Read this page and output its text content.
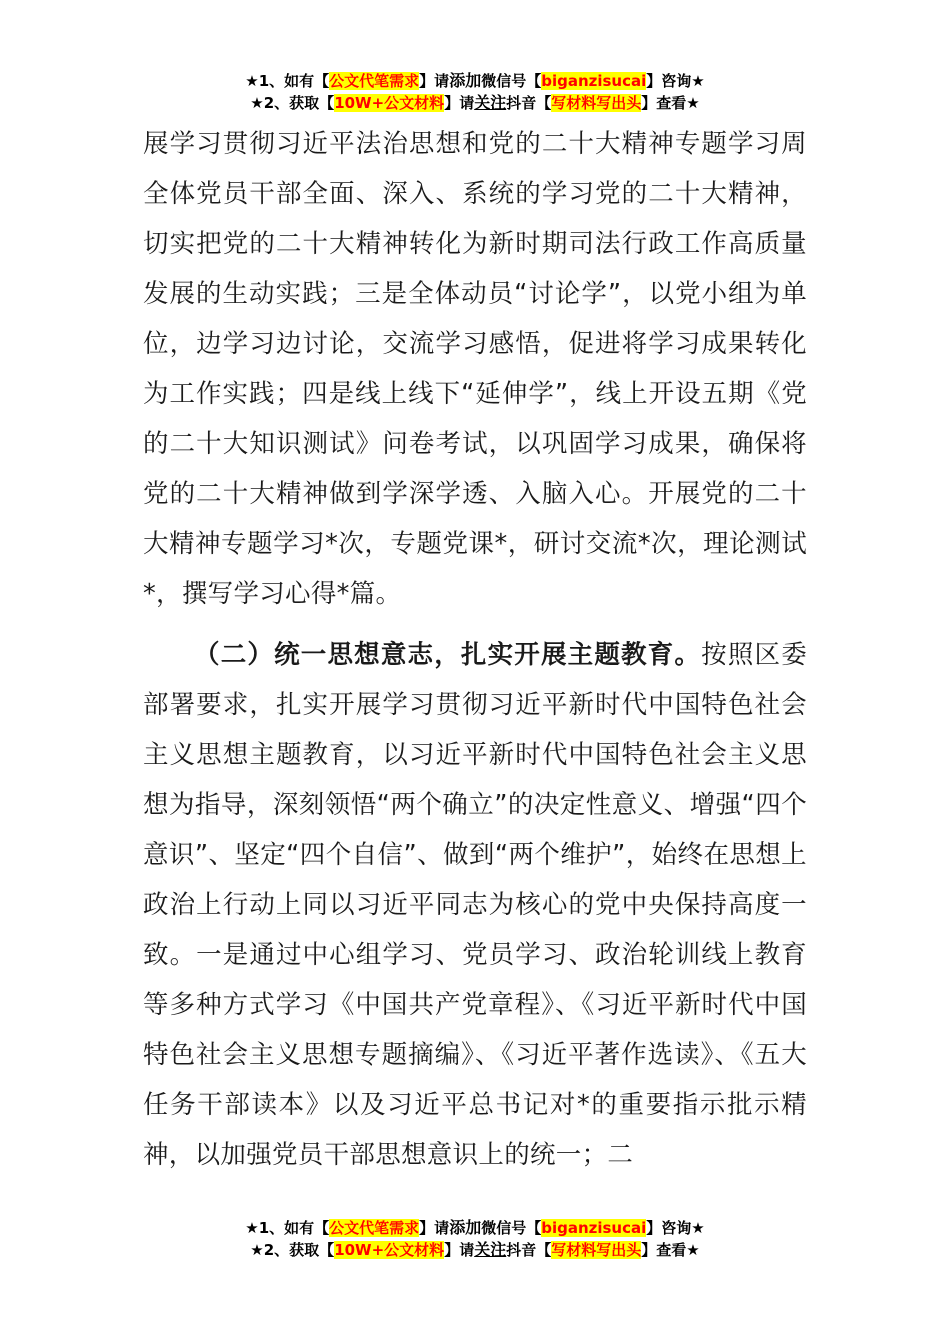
★1、如有【公文代笔需求】请添加微信号【biganzisucai】咨询★
★2、获取【10W+公文材料】请关注抖音【写材料写出头】查看★
展学习贯彻习近平法治思想和党的二十大精神专题学习周全体党员干部全面、深入、系统的学习党的二十大精神，切实把党的二十大精神转化为新时期司法行政工作高质量发展的生动实践；三是全体动员“讨论学”，以党小组为单位，边学习边讨论，交流学习感悟，促进将学习成果转化为工作实践；四是线上线下“延伸学”，线上开设五期《党的二十大知识测试》问卷考试，以巩固学习成果，确保将党的二十大精神做到学深学透、入脑入心。开展党的二十大精神专题学习*次，专题党课*，研讨交流*次，理论测试*，撰写学习心得*篇。
（二）统一思想意志，扎实开展主题教育。按照区委部署要求，扎实开展学习贯彻习近平新时代中国特色社会主义思想主题教育，以习近平新时代中国特色社会主义思想为指导，深刻领悟“两个确立”的决定性意义、增强“四个意识”、坚定“四个自信”、做到“两个维护”，始终在思想上政治上行动上同以习近平同志为核心的党中央保持高度一致。一是通过中心组学习、党员学习、政治轮训线上教育等多种方式学习《中国共产党章程》、《习近平新时代中国特色社会主义思想专题摘编》、《习近平著作选读》、《五大任务干部读本》以及习近平总书记对*的重要指示批示精神，以加强党员干部思想意识上的统一；二
★1、如有【公文代笔需求】请添加微信号【biganzisucai】咨询★
★2、获取【10W+公文材料】请关注抖音【写材料写出头】查看★
